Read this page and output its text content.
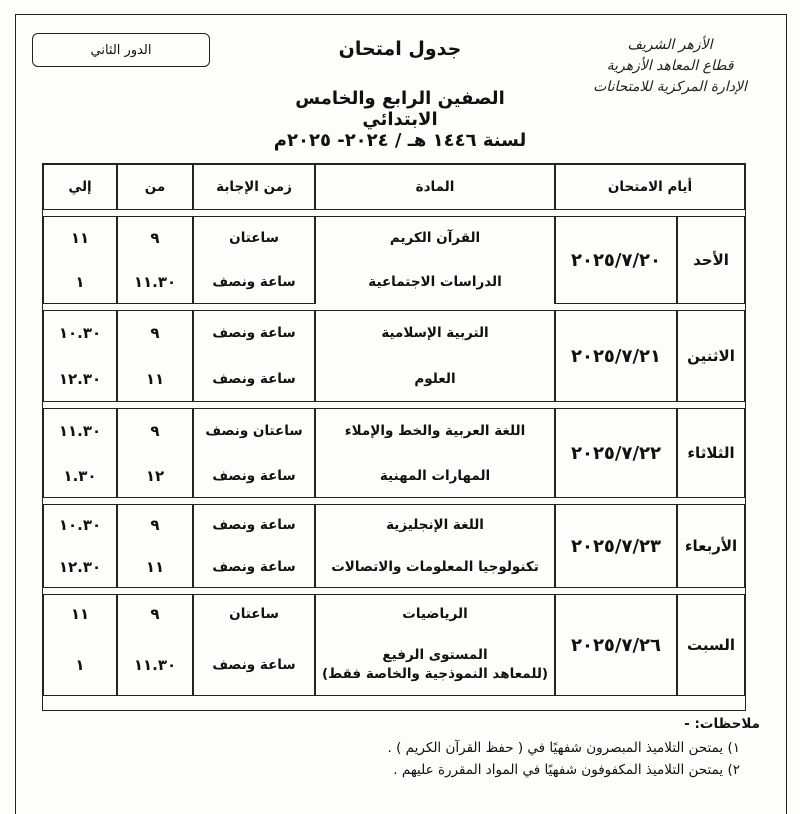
الدور الثاني	الأزهر الشريف
قطاع المعاهد الأزهرية
الإدارة المركزية للامتحانات
جدول امتحان
الصفين الرابع والخامس الابتدائي
لسنة ١٤٤٦ هـ / ٢٠٢٤- ٢٠٢٥م
أيام الامتحان
المادة
زمن الإجابة
من
إلي
الأحد
٢٠٢٥/٧/٢٠
القرآن الكريم
الدراسات الاجتماعية
ساعتان
ساعة ونصف
٩
١١.٣٠
١١
١
الاثنين
٢٠٢٥/٧/٢١
التربية الإسلامية
العلوم
ساعة ونصف
ساعة ونصف
٩
١١
١٠.٣٠
١٢.٣٠
الثلاثاء
٢٠٢٥/٧/٢٢
اللغة العربية والخط والإملاء
المهارات المهنية
ساعتان ونصف
ساعة ونصف
٩
١٢
١١.٣٠
١.٣٠
الأربعاء
٢٠٢٥/٧/٢٣
اللغة الإنجليزية
تكنولوجيا المعلومات والاتصالات
ساعة ونصف
ساعة ونصف
٩
١١
١٠.٣٠
١٢.٣٠
السبت
٢٠٢٥/٧/٢٦
الرياضيات
المستوى الرفيع
(للمعاهد النموذجية والخاصة فقط)
ساعتان
ساعة ونصف
٩
١١.٣٠
١١
١
ملاحظات: -
١) يمتحن التلاميذ المبصرون شفهيًا في ( حفظ القرآن الكريم ) .
٢) يمتحن التلاميذ المكفوفون شفهيًا في المواد المقررة عليهم .
